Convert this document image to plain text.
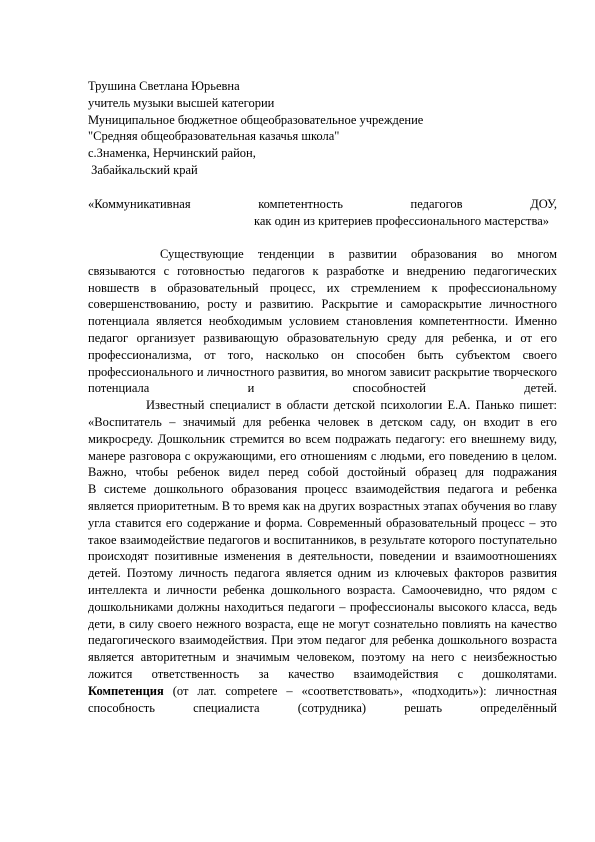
Трушина Светлана Юрьевна
учитель музыки высшей категории
Муниципальное бюджетное общеобразовательное учреждение
"Средняя общеобразовательная казачья школа"
с.Знаменка, Нерчинский район,
Забайкальский край
«Коммуникативная компетентность педагогов ДОУ,
как один из критериев профессионального мастерства»

Существующие тенденции в развитии образования во многом связываются с готовностью педагогов к разработке и внедрению педагогических новшеств в образовательный процесс, их стремлением к профессиональному совершенствованию, росту и развитию. Раскрытие и самораскрытие личностного потенциала является необходимым условием становления компетентности. Именно педагог организует развивающую образовательную среду для ребенка, и от его профессионализма, от того, насколько он способен быть субъектом своего профессионального и личностного развития, во многом зависит раскрытие творческого потенциала и способностей детей.

Известный специалист в области детской психологии Е.А. Панько пишет: «Воспитатель – значимый для ребенка человек в детском саду, он входит в его микросреду. Дошкольник стремится во всем подражать педагогу: его внешнему виду, манере разговора с окружающими, его отношениям с людьми, его поведению в целом. Важно, чтобы ребенок видел перед собой достойный образец для подражания

В системе дошкольного образования процесс взаимодействия педагога и ребенка является приоритетным. В то время как на других возрастных этапах обучения во главу угла ставится его содержание и форма. Современный образовательный процесс – это такое взаимодействие педагогов и воспитанников, в результате которого поступательно происходят позитивные изменения в деятельности, поведении и взаимоотношениях детей. Поэтому личность педагога является одним из ключевых факторов развития интеллекта и личности ребенка дошкольного возраста. Самоочевидно, что рядом с дошкольниками должны находиться педагоги – профессионалы высокого класса, ведь дети, в силу своего нежного возраста, еще не могут сознательно повлиять на качество педагогического взаимодействия. При этом педагог для ребенка дошкольного возраста является авторитетным и значимым человеком, поэтому на него с неизбежностью ложится ответственность за качество взаимодействия с дошколятами.

Компетенция (от лат. competere – «соответствовать», «подходить»): личностная способность специалиста (сотрудника) решать определённый
